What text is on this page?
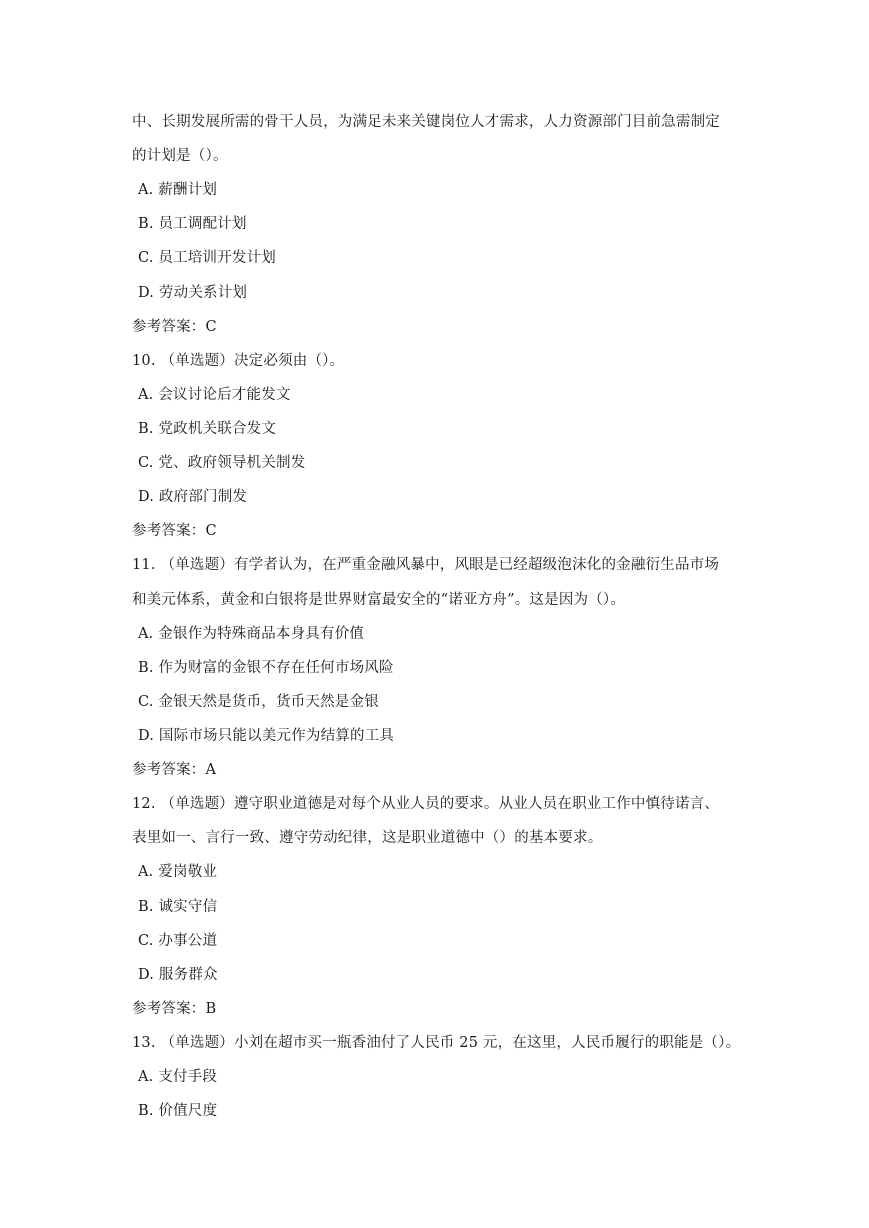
中、长期发展所需的骨干人员，为满足未来关键岗位人才需求，人力资源部门目前急需制定
的计划是（）。
A. 薪酬计划
B. 员工调配计划
C. 员工培训开发计划
D. 劳动关系计划
参考答案：C
10. （单选题）决定必须由（）。
A. 会议讨论后才能发文
B. 党政机关联合发文
C. 党、政府领导机关制发
D. 政府部门制发
参考答案：C
11. （单选题）有学者认为，在严重金融风暴中，风眼是已经超级泡沫化的金融衍生品市场
和美元体系，黄金和白银将是世界财富最安全的“诺亚方舟”。这是因为（）。
A. 金银作为特殊商品本身具有价值
B. 作为财富的金银不存在任何市场风险
C. 金银天然是货币，货币天然是金银
D. 国际市场只能以美元作为结算的工具
参考答案：A
12. （单选题）遵守职业道德是对每个从业人员的要求。从业人员在职业工作中慎待诺言、
表里如一、言行一致、遵守劳动纪律，这是职业道德中（）的基本要求。
A. 爱岗敬业
B. 诚实守信
C. 办事公道
D. 服务群众
参考答案：B
13. （单选题）小刘在超市买一瓶香油付了人民币 25 元，在这里，人民币履行的职能是（）。
A. 支付手段
B. 价值尺度
